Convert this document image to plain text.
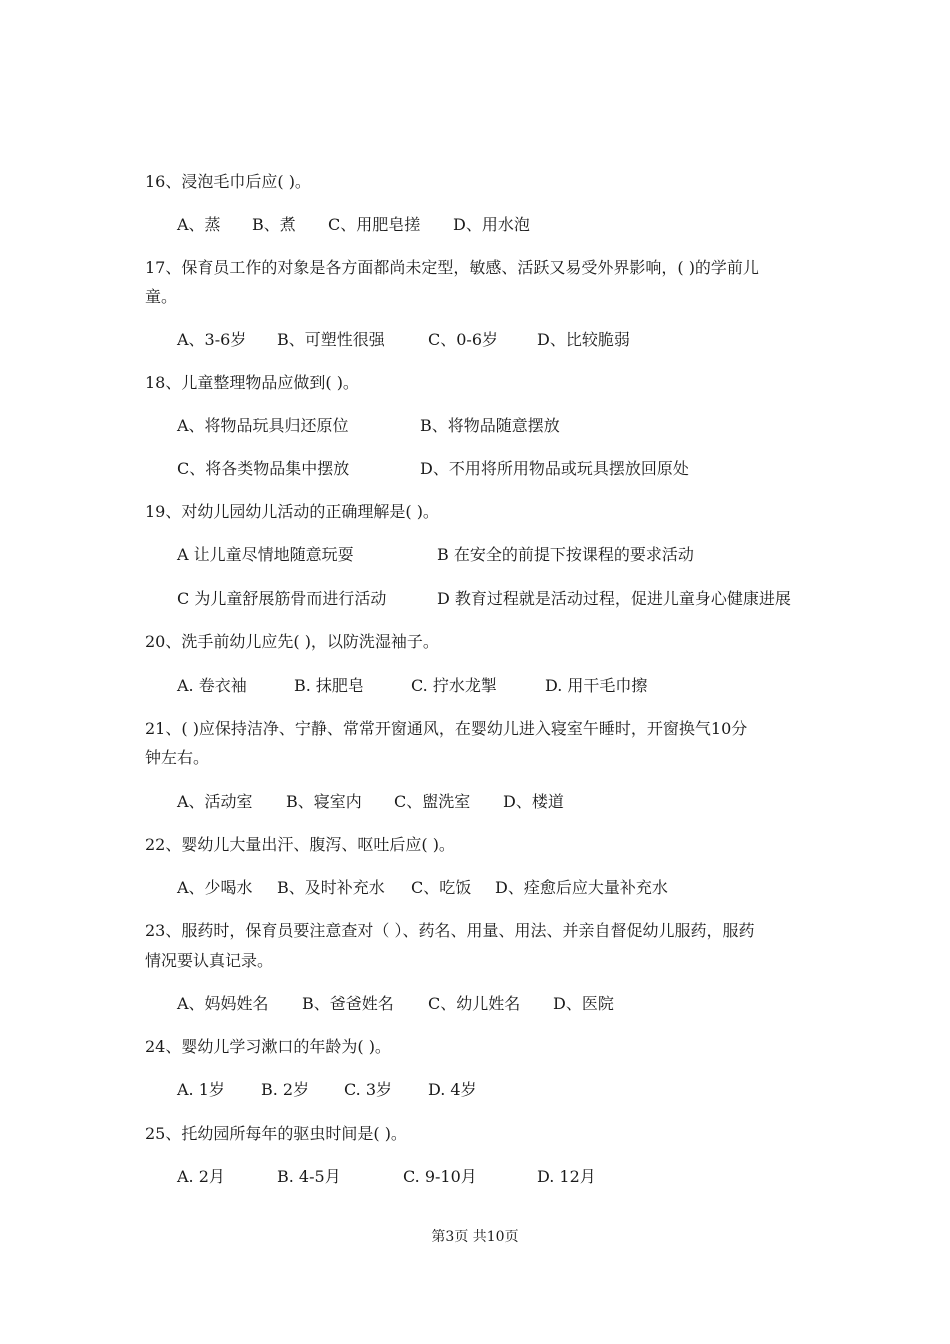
16、浸泡毛巾后应( )。
A、蒸 B、煮 C、用肥皂搓 D、用水泡
17、保育员工作的对象是各方面都尚未定型，敏感、活跃又易受外界影响，( )的学前儿
童。
A、3-6岁 B、可塑性很强	C、0-6岁 D、比较脆弱
18、儿童整理物品应做到( )。
A、将物品玩具归还原位	B、将物品随意摆放
C、将各类物品集中摆放	D、不用将所用物品或玩具摆放回原处
19、对幼儿园幼儿活动的正确理解是( )。
A 让儿童尽情地随意玩耍	B 在安全的前提下按课程的要求活动
C 为儿童舒展筋骨而进行活动	D 教育过程就是活动过程，促进儿童身心健康进展
20、洗手前幼儿应先( )，以防洗湿袖子。
A. 卷衣袖	B. 抹肥皂	C. 拧水龙掣	D. 用干毛巾擦
21、( )应保持洁净、宁静、常常开窗通风，在婴幼儿进入寝室午睡时，开窗换气10分
钟左右。
A、活动室 B、寝室内 C、盥洗室 D、楼道
22、婴幼儿大量出汗、腹泻、呕吐后应( )。
A、少喝水 B、及时补充水 C、吃饭 D、痊愈后应大量补充水
23、服药时，保育员要注意查对（ ）、药名、用量、用法、并亲自督促幼儿服药，服药
情况要认真记录。
A、妈妈姓名 B、爸爸姓名 C、幼儿姓名 D、医院
24、婴幼儿学习漱口的年龄为( )。
A. 1岁 B. 2岁 C. 3岁 D. 4岁
25、托幼园所每年的驱虫时间是( )。
A. 2月	B. 4-5月	C. 9-10月	D. 12月
第3页 共10页
